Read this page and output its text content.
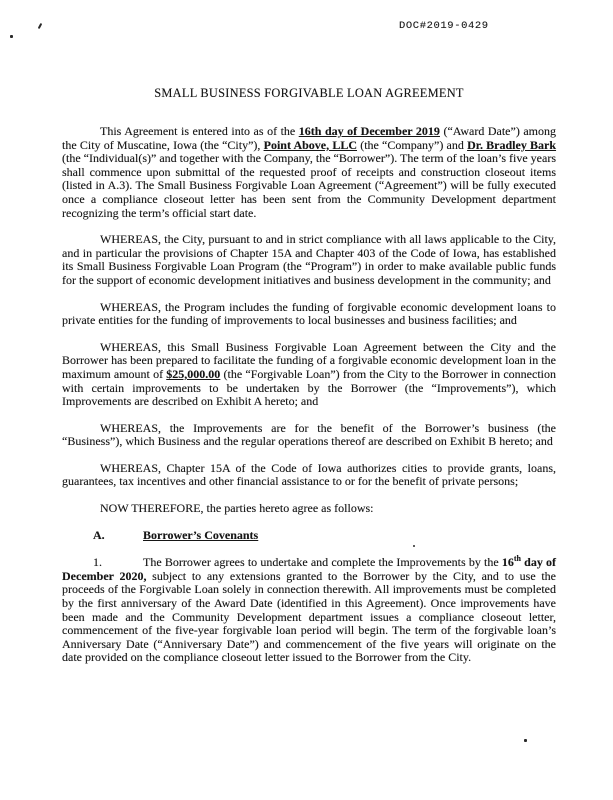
DOC#2019-0429
SMALL BUSINESS FORGIVABLE LOAN AGREEMENT

This Agreement is entered into as of the 16th day of December 2019 (“Award Date”) among the City of Muscatine, Iowa (the “City”), Point Above, LLC (the “Company”) and Dr. Bradley Bark (the “Individual(s)” and together with the Company, the “Borrower”). The term of the loan’s five years shall commence upon submittal of the requested proof of receipts and construction closeout items (listed in A.3). The Small Business Forgivable Loan Agreement (“Agreement”) will be fully executed once a compliance closeout letter has been sent from the Community Development department recognizing the term’s official start date.

WHEREAS, the City, pursuant to and in strict compliance with all laws applicable to the City, and in particular the provisions of Chapter 15A and Chapter 403 of the Code of Iowa, has established its Small Business Forgivable Loan Program (the “Program”) in order to make available public funds for the support of economic development initiatives and business development in the community; and

WHEREAS, the Program includes the funding of forgivable economic development loans to private entities for the funding of improvements to local businesses and business facilities; and

WHEREAS, this Small Business Forgivable Loan Agreement between the City and the Borrower has been prepared to facilitate the funding of a forgivable economic development loan in the maximum amount of $25,000.00 (the “Forgivable Loan”) from the City to the Borrower in connection with certain improvements to be undertaken by the Borrower (the “Improvements”), which Improvements are described on Exhibit A hereto; and

WHEREAS, the Improvements are for the benefit of the Borrower’s business (the “Business”), which Business and the regular operations thereof are described on Exhibit B hereto; and

WHEREAS, Chapter 15A of the Code of Iowa authorizes cities to provide grants, loans, guarantees, tax incentives and other financial assistance to or for the benefit of private persons;

NOW THEREFORE, the parties hereto agree as follows:

A.	Borrower’s Covenants

1.	The Borrower agrees to undertake and complete the Improvements by the 16th day of December 2020, subject to any extensions granted to the Borrower by the City, and to use the proceeds of the Forgivable Loan solely in connection therewith. All improvements must be completed by the first anniversary of the Award Date (identified in this Agreement). Once improvements have been made and the Community Development department issues a compliance closeout letter, commencement of the five-year forgivable loan period will begin. The term of the forgivable loan’s Anniversary Date (“Anniversary Date”) and commencement of the five years will originate on the date provided on the compliance closeout letter issued to the Borrower from the City.
